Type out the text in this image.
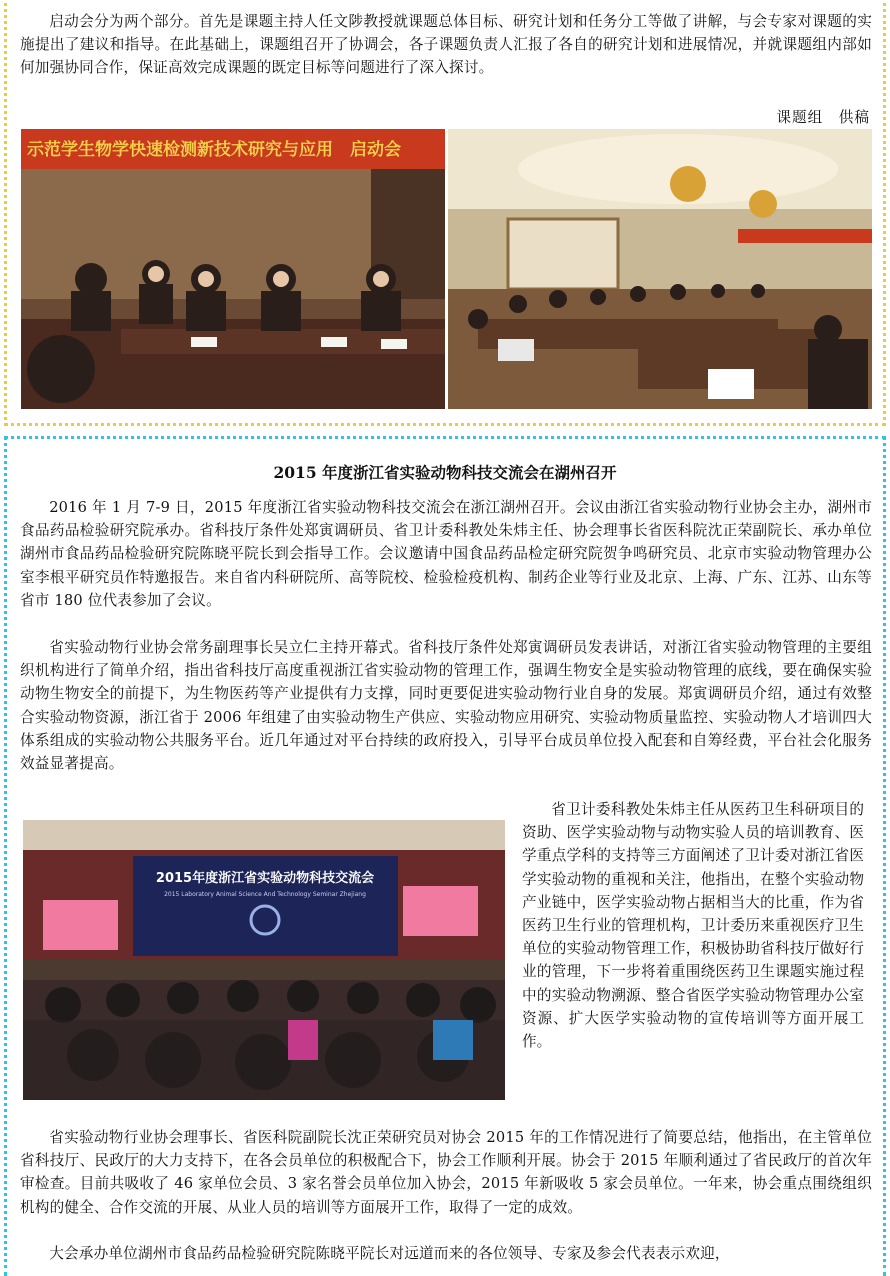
启动会分为两个部分。首先是课题主持人任文陟教授就课题总体目标、研究计划和任务分工等做了讲解，与会专家对课题的实施提出了建议和指导。在此基础上，课题组召开了协调会，各子课题负责人汇报了各自的研究计划和进展情况，并就课题组内部如何加强协同合作，保证高效完成课题的既定目标等问题进行了深入探讨。

课题组　供稿
示范学生物学快速检测新技术研究与应用　启动会
2015 年度浙江省实验动物科技交流会在湖州召开

2016 年 1 月 7-9 日，2015 年度浙江省实验动物科技交流会在浙江湖州召开。会议由浙江省实验动物行业协会主办，湖州市食品药品检验研究院承办。省科技厅条件处郑寅调研员、省卫计委科教处朱炜主任、协会理事长省医科院沈正荣副院长、承办单位湖州市食品药品检验研究院陈晓平院长到会指导工作。会议邀请中国食品药品检定研究院贺争鸣研究员、北京市实验动物管理办公室李根平研究员作特邀报告。来自省内科研院所、高等院校、检验检疫机构、制药企业等行业及北京、上海、广东、江苏、山东等省市 180 位代表参加了会议。

省实验动物行业协会常务副理事长吴立仁主持开幕式。省科技厅条件处郑寅调研员发表讲话，对浙江省实验动物管理的主要组织机构进行了简单介绍，指出省科技厅高度重视浙江省实验动物的管理工作，强调生物安全是实验动物管理的底线，要在确保实验动物生物安全的前提下，为生物医药等产业提供有力支撑，同时更要促进实验动物行业自身的发展。郑寅调研员介绍，通过有效整合实验动物资源，浙江省于 2006 年组建了由实验动物生产供应、实验动物应用研究、实验动物质量监控、实验动物人才培训四大体系组成的实验动物公共服务平台。近几年通过对平台持续的政府投入，引导平台成员单位投入配套和自筹经费，平台社会化服务效益显著提高。

2015年度浙江省实验动物科技交流会
2015 Laboratory Animal Science And Technology Seminar Zhejiang

省卫计委科教处朱炜主任从医药卫生科研项目的资助、医学实验动物与动物实验人员的培训教育、医学重点学科的支持等三方面阐述了卫计委对浙江省医学实验动物的重视和关注，他指出，在整个实验动物产业链中，医学实验动物占据相当大的比重，作为省医药卫生行业的管理机构，卫计委历来重视医疗卫生单位的实验动物管理工作，积极协助省科技厅做好行业的管理，下一步将着重围绕医药卫生课题实施过程中的实验动物溯源、整合省医学实验动物管理办公室资源、扩大医学实验动物的宣传培训等方面开展工作。

省实验动物行业协会理事长、省医科院副院长沈正荣研究员对协会 2015 年的工作情况进行了简要总结，他指出，在主管单位省科技厅、民政厅的大力支持下，在各会员单位的积极配合下，协会工作顺利开展。协会于 2015 年顺利通过了省民政厅的首次年审检查。目前共吸收了 46 家单位会员、3 家名誉会员单位加入协会，2015 年新吸收 5 家会员单位。一年来，协会重点围绕组织机构的健全、合作交流的开展、从业人员的培训等方面展开工作，取得了一定的成效。

大会承办单位湖州市食品药品检验研究院陈晓平院长对远道而来的各位领导、专家及参会代表表示欢迎，
